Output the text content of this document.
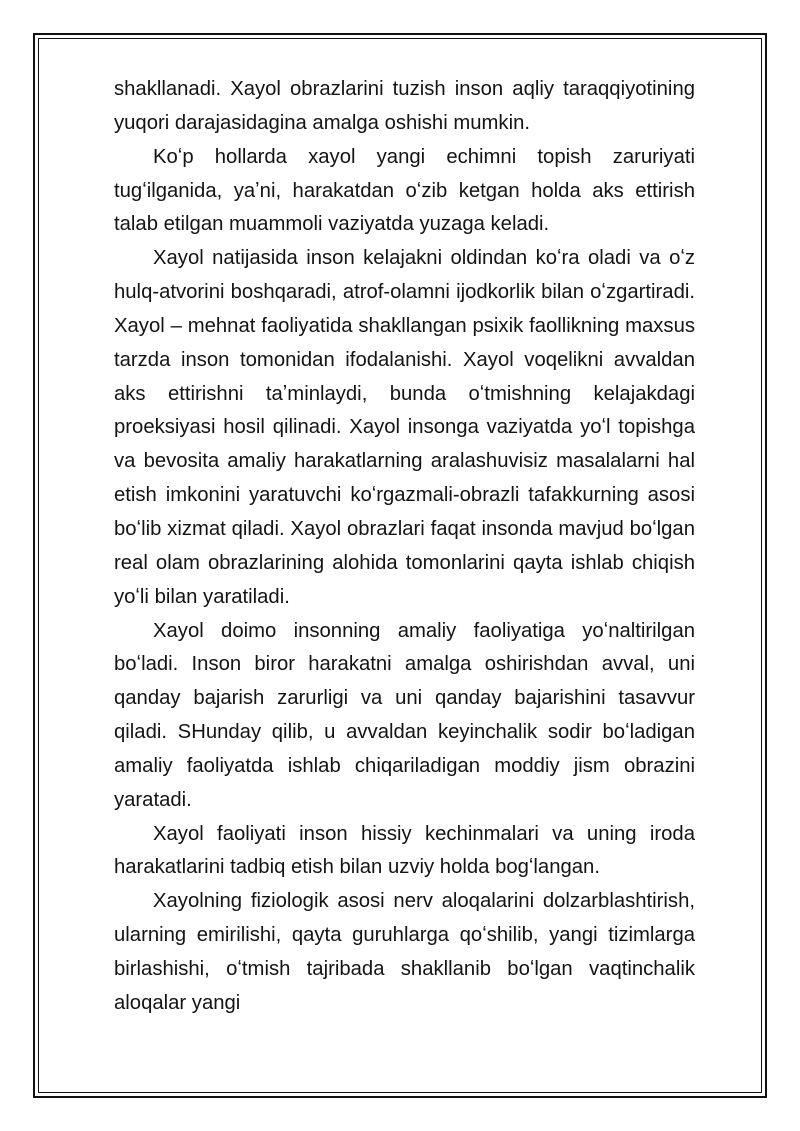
shakllanadi. Xayol obrazlarini tuzish inson aqliy taraqqiyotining yuqori darajasidagina amalga oshishi mumkin.

Koʻp hollarda xayol yangi echimni topish zaruriyati tugʻilganida, yaʼni, harakatdan oʻzib ketgan holda aks ettirish talab etilgan muammoli vaziyatda yuzaga keladi.

Xayol natijasida inson kelajakni oldindan koʻra oladi va oʻz hulq-atvorini boshqaradi, atrof-olamni ijodkorlik bilan oʻzgartiradi. Xayol – mehnat faoliyatida shakllangan psixik faollikning maxsus tarzda inson tomonidan ifodalanishi. Xayol voqelikni avvaldan aks ettirishni taʼminlaydi, bunda oʻtmishning kelajakdagi proeksiyasi hosil qilinadi. Xayol insonga vaziyatda yoʻl topishga va bevosita amaliy harakatlarning aralashuvisiz masalalarni hal etish imkonini yaratuvchi koʻrgazmali-obrazli tafakkurning asosi boʻlib xizmat qiladi. Xayol obrazlari faqat insonda mavjud boʻlgan real olam obrazlarining alohida tomonlarini qayta ishlab chiqish yoʻli bilan yaratiladi.

Xayol doimo insonning amaliy faoliyatiga yoʻnaltirilgan boʻladi. Inson biror harakatni amalga oshirishdan avval, uni qanday bajarish zarurligi va uni qanday bajarishini tasavvur qiladi. SHunday qilib, u avvaldan keyinchalik sodir boʻladigan amaliy faoliyatda ishlab chiqariladigan moddiy jism obrazini yaratadi.

Xayol faoliyati inson hissiy kechinmalari va uning iroda harakatlarini tadbiq etish bilan uzviy holda bogʻlangan.

Xayolning fiziologik asosi nerv aloqalarini dolzarblashtirish, ularning emirilishi, qayta guruhlarga qoʻshilib, yangi tizimlarga birlashishi, oʻtmish tajribada shakllanib boʻlgan vaqtinchalik aloqalar yangi
